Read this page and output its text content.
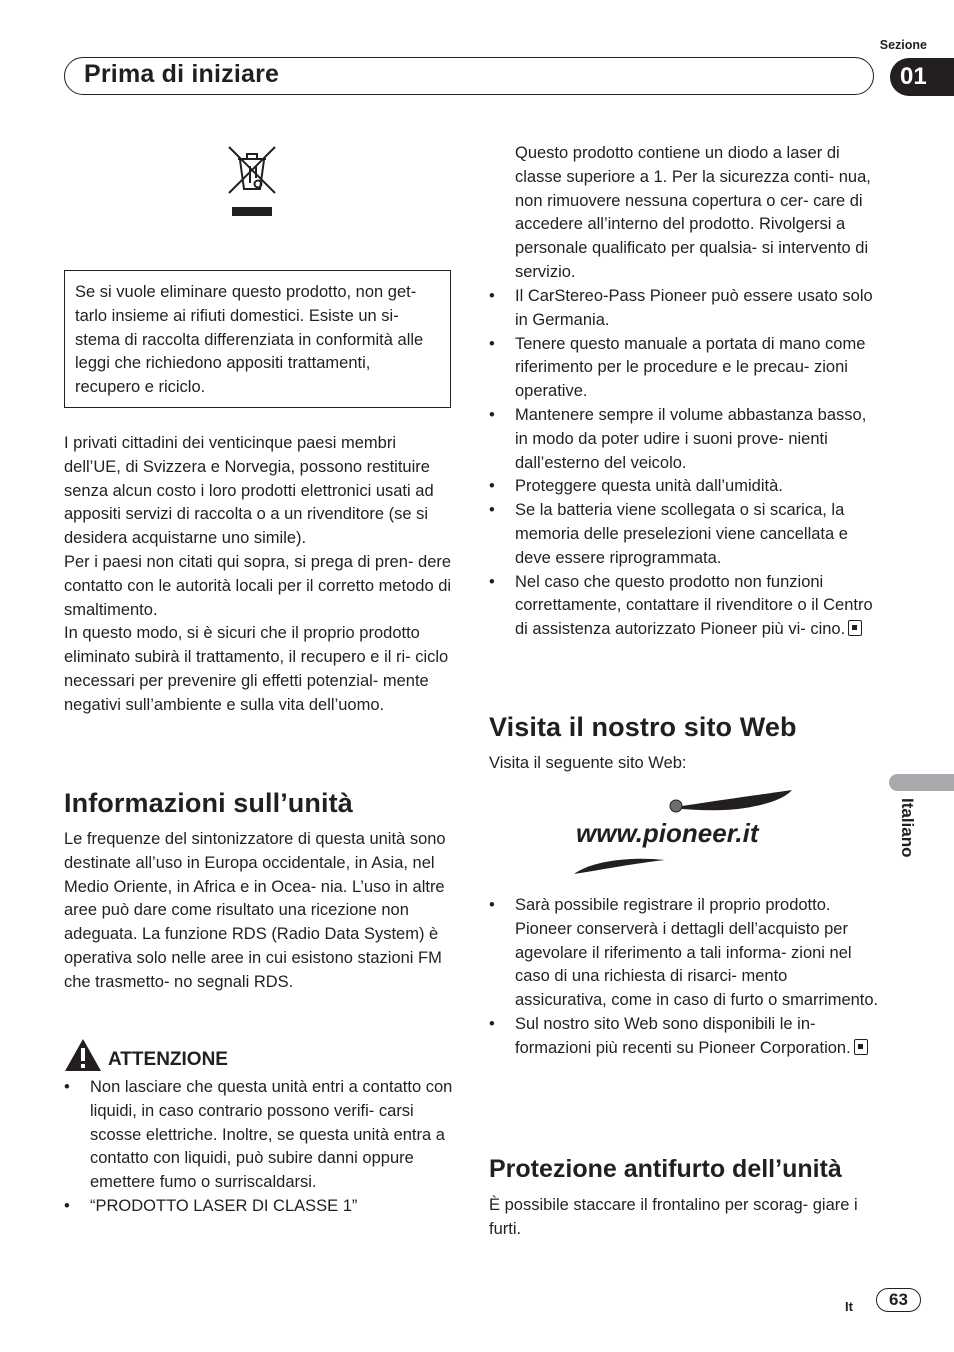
Sezione
Prima di iniziare	01

Se si vuole eliminare questo prodotto, non get- tarlo insieme ai rifiuti domestici. Esiste un si- stema di raccolta differenziata in conformità alle leggi che richiedono appositi trattamenti, recupero e riciclo.

I privati cittadini dei venticinque paesi membri dell’UE, di Svizzera e Norvegia, possono restituire senza alcun costo i loro prodotti elettronici usati ad appositi servizi di raccolta o a un rivenditore (se si desidera acquistarne uno simile).

Per i paesi non citati qui sopra, si prega di pren- dere contatto con le autorità locali per il corretto metodo di smaltimento.

In questo modo, si è sicuri che il proprio prodotto eliminato subirà il trattamento, il recupero e il ri- ciclo necessari per prevenire gli effetti potenzial- mente negativi sull’ambiente e sulla vita dell’uomo.

Informazioni sull’unità

Le frequenze del sintonizzatore di questa unità sono destinate all’uso in Europa occidentale, in Asia, nel Medio Oriente, in Africa e in Ocea- nia. L’uso in altre aree può dare come risultato una ricezione non adeguata. La funzione RDS (Radio Data System) è operativa solo nelle aree in cui esistono stazioni FM che trasmetto- no segnali RDS.

ATTENZIONE
• Non lasciare che questa unità entri a contatto con liquidi, in caso contrario possono verifi- carsi scosse elettriche. Inoltre, se questa unità entra a contatto con liquidi, può subire danni oppure emettere fumo o surriscaldarsi.
• “PRODOTTO LASER DI CLASSE 1”

Questo prodotto contiene un diodo a laser di classe superiore a 1. Per la sicurezza conti- nua, non rimuovere nessuna copertura o cer- care di accedere all’interno del prodotto. Rivolgersi a personale qualificato per qualsia- si intervento di servizio.

• Il CarStereo-Pass Pioneer può essere usato solo in Germania.
• Tenere questo manuale a portata di mano come riferimento per le procedure e le precau- zioni operative.
• Mantenere sempre il volume abbastanza basso, in modo da poter udire i suoni prove- nienti dall’esterno del veicolo.
• Proteggere questa unità dall’umidità.
• Se la batteria viene scollegata o si scarica, la memoria delle preselezioni viene cancellata e deve essere riprogrammata.
• Nel caso che questo prodotto non funzioni correttamente, contattare il rivenditore o il Centro di assistenza autorizzato Pioneer più vi- cino.
Visita il nostro sito Web
Visita il seguente sito Web:
www.pioneer.it
• Sarà possibile registrare il proprio prodotto. Pioneer conserverà i dettagli dell’acquisto per agevolare il riferimento a tali informa- zioni nel caso di una richiesta di risarci- mento assicurativa, come in caso di furto o smarrimento.
• Sul nostro sito Web sono disponibili le in- formazioni più recenti su Pioneer Corporation.
Protezione antifurto dell’unità

È possibile staccare il frontalino per scorag- giare i furti.

Italiano
It	63
